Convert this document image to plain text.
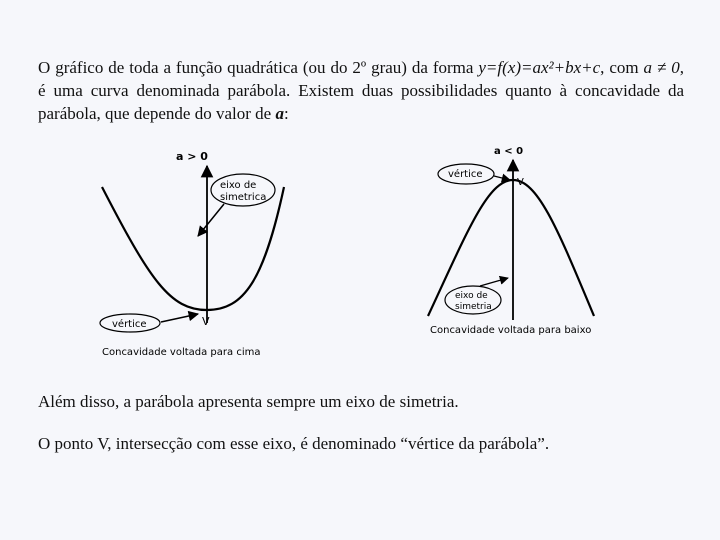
O gráfico de toda a função quadrática (ou do 2º grau) da forma y=f(x)=ax²+bx+c, com a ≠ 0, é uma curva denominada parábola. Existem duas possibilidades quanto à concavidade da parábola, que depende do valor de a:

a > 0
eixo de simetrica
vértice	V
Concavidade voltada para cima
a < 0
vértice
V
eixo de simetria
Concavidade voltada para baixo

Além disso, a parábola apresenta sempre um eixo de simetria.

O ponto V, intersecção com esse eixo, é denominado “vértice da parábola”.
